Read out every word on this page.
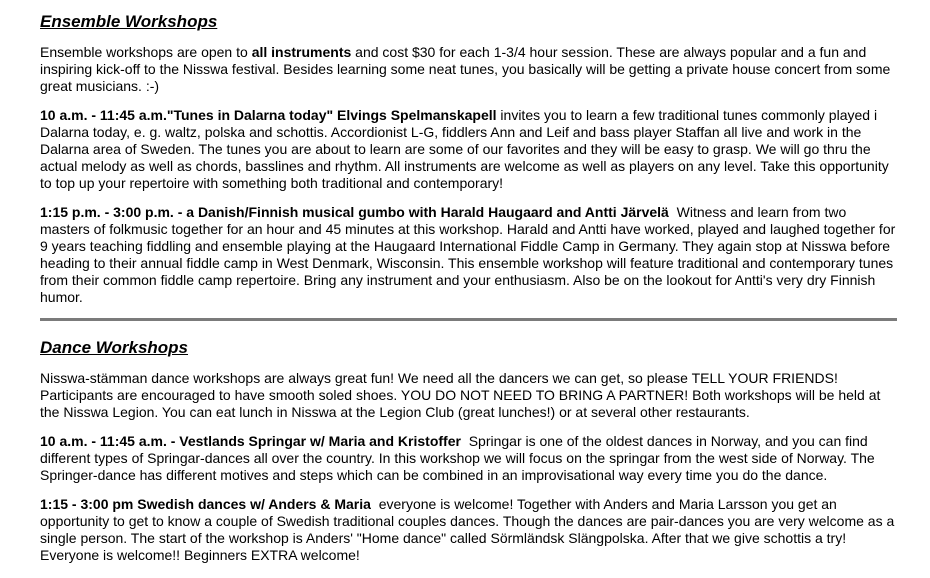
Ensemble Workshops

Ensemble workshops are open to all instruments and cost $30 for each 1-3/4 hour session. These are always popular and a fun and inspiring kick-off to the Nisswa festival. Besides learning some neat tunes, you basically will be getting a private house concert from some great musicians. :-)

10 a.m. - 11:45 a.m."Tunes in Dalarna today" Elvings Spelmanskapell invites you to learn a few traditional tunes commonly played i Dalarna today, e. g. waltz, polska and schottis. Accordionist L-G, fiddlers Ann and Leif and bass player Staffan all live and work in the Dalarna area of Sweden. The tunes you are about to learn are some of our favorites and they will be easy to grasp. We will go thru the actual melody as well as chords, basslines and rhythm. All instruments are welcome as well as players on any level. Take this opportunity to top up your repertoire with something both traditional and contemporary!

1:15 p.m. - 3:00 p.m. - a Danish/Finnish musical gumbo with Harald Haugaard and Antti Järvelä  Witness and learn from two masters of folkmusic together for an hour and 45 minutes at this workshop. Harald and Antti have worked, played and laughed together for 9 years teaching fiddling and ensemble playing at the Haugaard International Fiddle Camp in Germany. They again stop at Nisswa before heading to their annual fiddle camp in West Denmark, Wisconsin. This ensemble workshop will feature traditional and contemporary tunes from their common fiddle camp repertoire. Bring any instrument and your enthusiasm. Also be on the lookout for Antti's very dry Finnish humor.

Dance Workshops

Nisswa-stämman dance workshops are always great fun! We need all the dancers we can get, so please TELL YOUR FRIENDS! Participants are encouraged to have smooth soled shoes. YOU DO NOT NEED TO BRING A PARTNER! Both workshops will be held at the Nisswa Legion. You can eat lunch in Nisswa at the Legion Club (great lunches!) or at several other restaurants.

10 a.m. - 11:45 a.m. - Vestlands Springar w/ Maria and Kristoffer  Springar is one of the oldest dances in Norway, and you can find different types of Springar-dances all over the country. In this workshop we will focus on the springar from the west side of Norway. The Springer-dance has different motives and steps which can be combined in an improvisational way every time you do the dance.

1:15 - 3:00 pm Swedish dances w/ Anders & Maria  everyone is welcome! Together with Anders and Maria Larsson you get an opportunity to get to know a couple of Swedish traditional couples dances. Though the dances are pair-dances you are very welcome as a single person. The start of the workshop is Anders' "Home dance" called Sörmländsk Slängpolska. After that we give schottis a try! Everyone is welcome!! Beginners EXTRA welcome!
